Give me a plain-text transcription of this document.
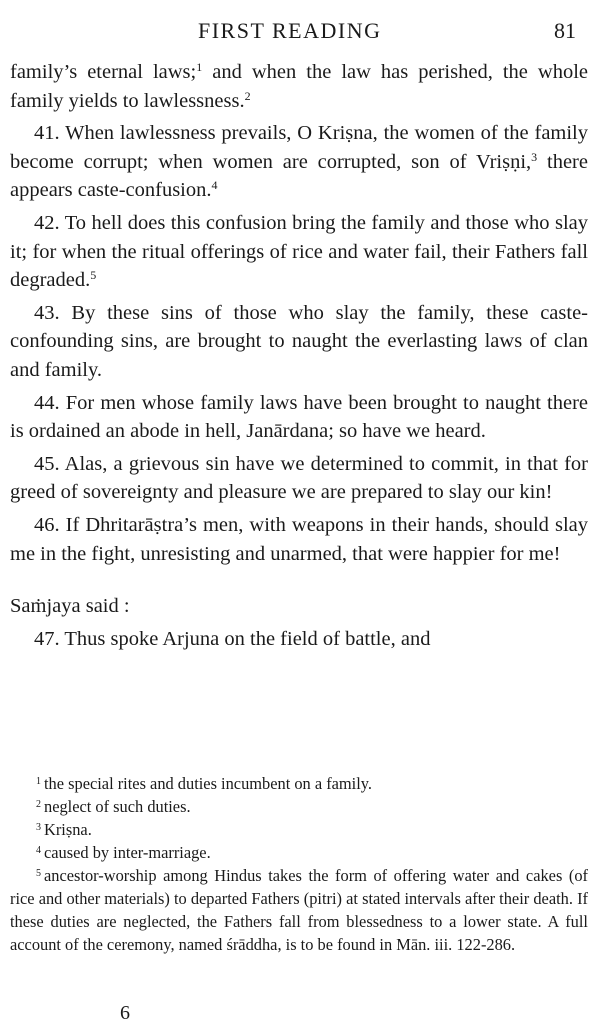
FIRST READING	81

family’s eternal laws;$^1$ and when the law has perished, the whole family yields to lawlessness.$^2$

41. When lawlessness prevails, O Kriṣna, the women of the family become corrupt; when women are corrupted, son of Vriṣṇi,$^3$ there appears caste-confusion.$^4$

42. To hell does this confusion bring the family and those who slay it; for when the ritual offerings of rice and water fail, their Fathers fall degraded.$^5$

43. By these sins of those who slay the family, these caste-confounding sins, are brought to naught the everlasting laws of clan and family.

44. For men whose family laws have been brought to naught there is ordained an abode in hell, Janārdana; so have we heard.

45. Alas, a grievous sin have we determined to commit, in that for greed of sovereignty and pleasure we are prepared to slay our kin!

46. If Dhritarāṣtra’s men, with weapons in their hands, should slay me in the fight, unresisting and unarmed, that were happier for me!

Saṁjaya said :

47. Thus spoke Arjuna on the field of battle, and

$^1$ the special rites and duties incumbent on a family.

$^2$ neglect of such duties.

$^3$ Kriṣna.

$^4$ caused by inter-marriage.

$^5$ ancestor-worship among Hindus takes the form of offering water and cakes (of rice and other materials) to departed Fathers (pitri) at stated intervals after their death. If these duties are neglected, the Fathers fall from blessedness to a lower state. A full account of the ceremony, named śrāddha, is to be found in Mān. iii. 122-286.

6
